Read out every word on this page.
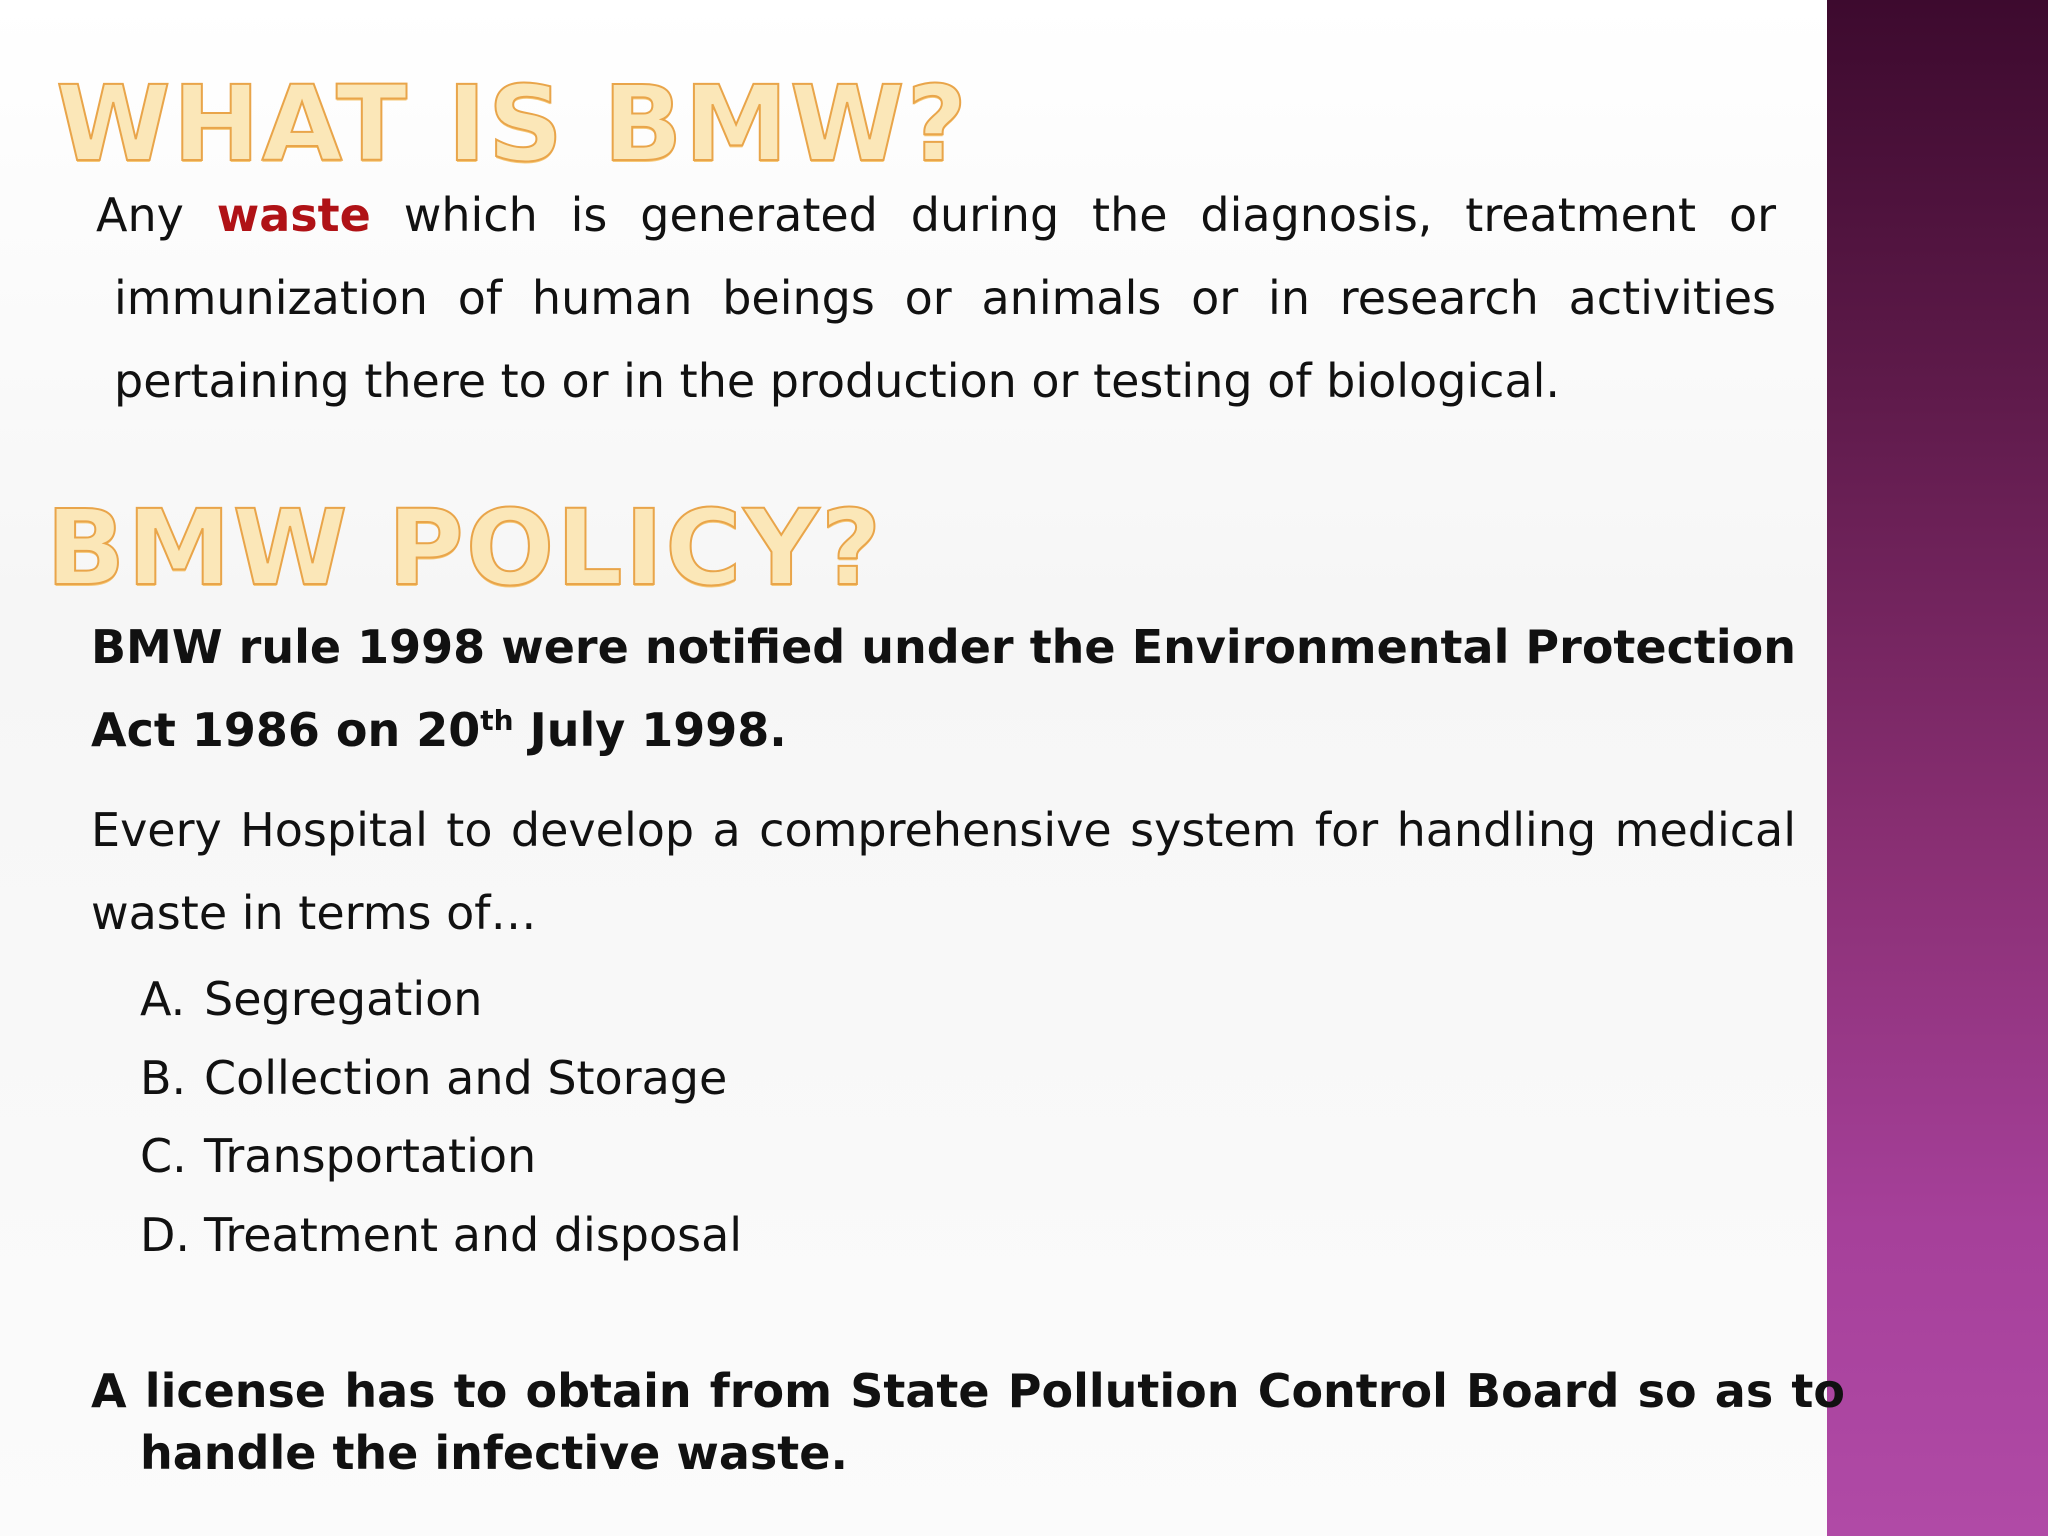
WHAT IS BMW?
Any waste which is generated during the diagnosis, treatment or
immunization of human beings or animals or in research activities pertaining there to or in the production or testing of biological.
BMW POLICY?

BMW rule 1998 were notified under the Environmental Protection Act 1986 on 20th July 1998.

Every Hospital to develop a comprehensive system for handling medical waste in terms of…

A. Segregation
B. Collection and Storage
C. Transportation
D. Treatment and disposal

A license has to obtain from State Pollution Control Board so as to handle the infective waste.
